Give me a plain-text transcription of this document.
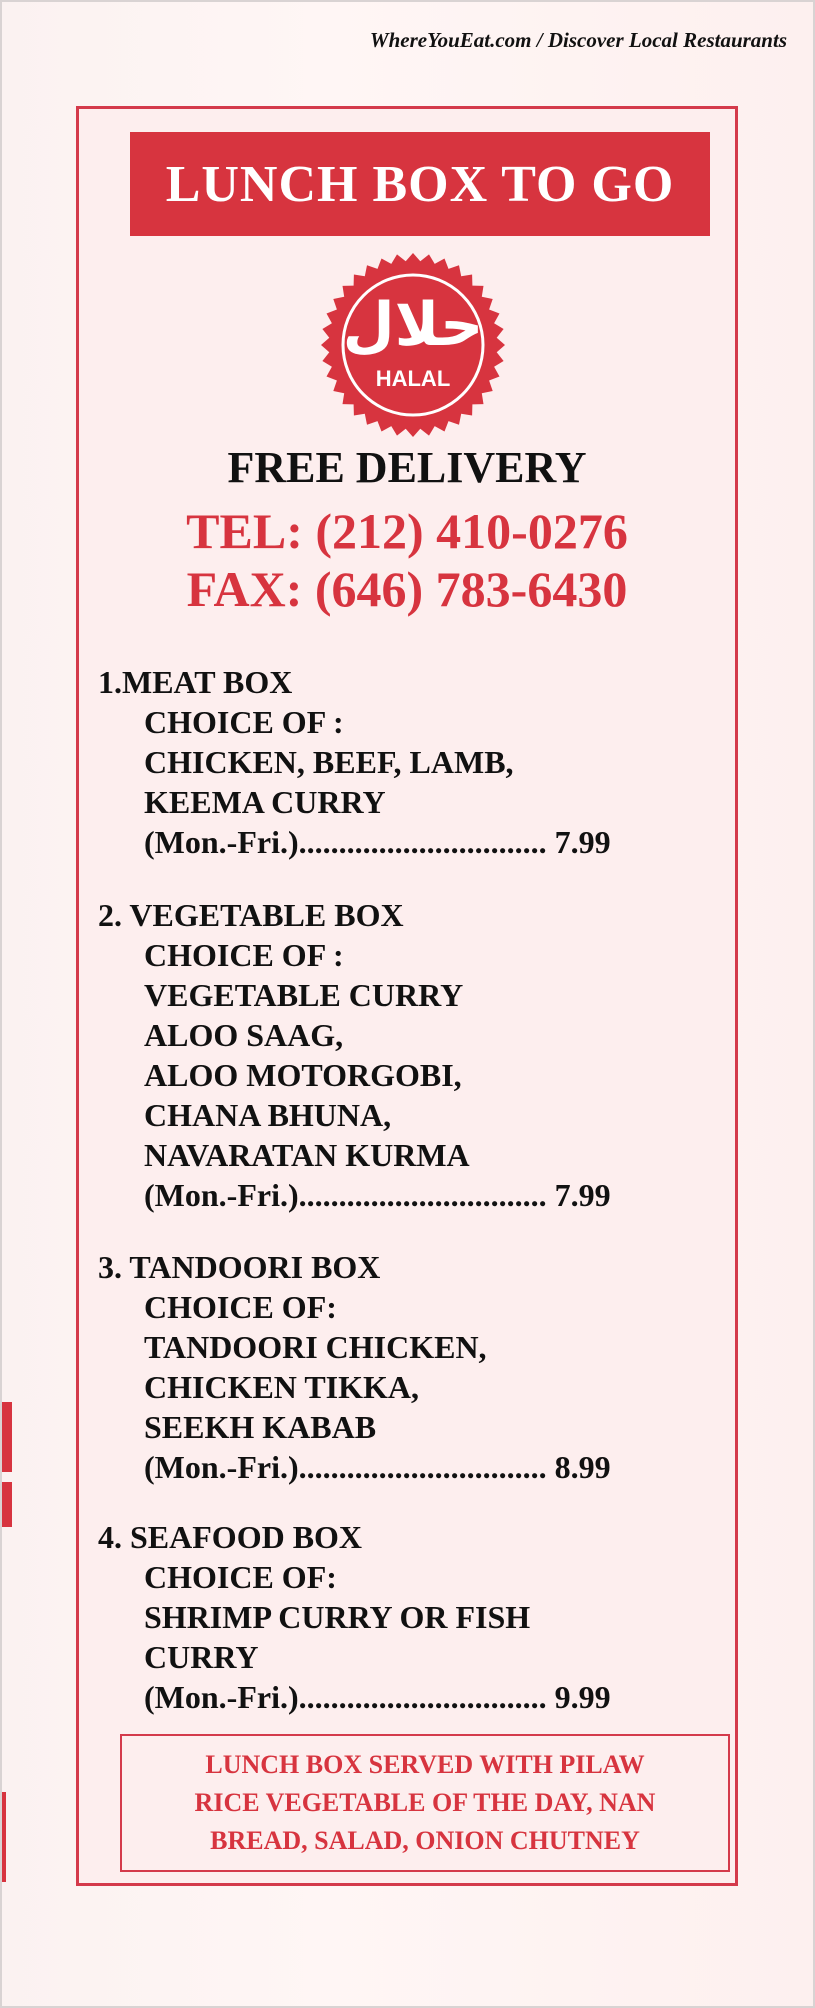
WhereYouEat.com / Discover Local Restaurants
LUNCH BOX TO GO
حلال
HALAL
FREE DELIVERY
TEL: (212) 410-0276
FAX: (646) 783-6430
1.MEAT BOX
CHOICE OF :
CHICKEN, BEEF, LAMB,
KEEMA CURRY
(Mon.-Fri.)............................... 7.99
2. VEGETABLE BOX
CHOICE OF :
VEGETABLE CURRY
ALOO SAAG,
ALOO MOTORGOBI,
CHANA BHUNA,
NAVARATAN KURMA
(Mon.-Fri.)............................... 7.99
3. TANDOORI BOX
CHOICE OF:
TANDOORI CHICKEN,
CHICKEN TIKKA,
SEEKH KABAB
(Mon.-Fri.)............................... 8.99
4. SEAFOOD BOX
CHOICE OF:
SHRIMP CURRY OR FISH
CURRY
(Mon.-Fri.)............................... 9.99
LUNCH BOX SERVED WITH PILAW
RICE VEGETABLE OF THE DAY, NAN
BREAD, SALAD, ONION CHUTNEY
